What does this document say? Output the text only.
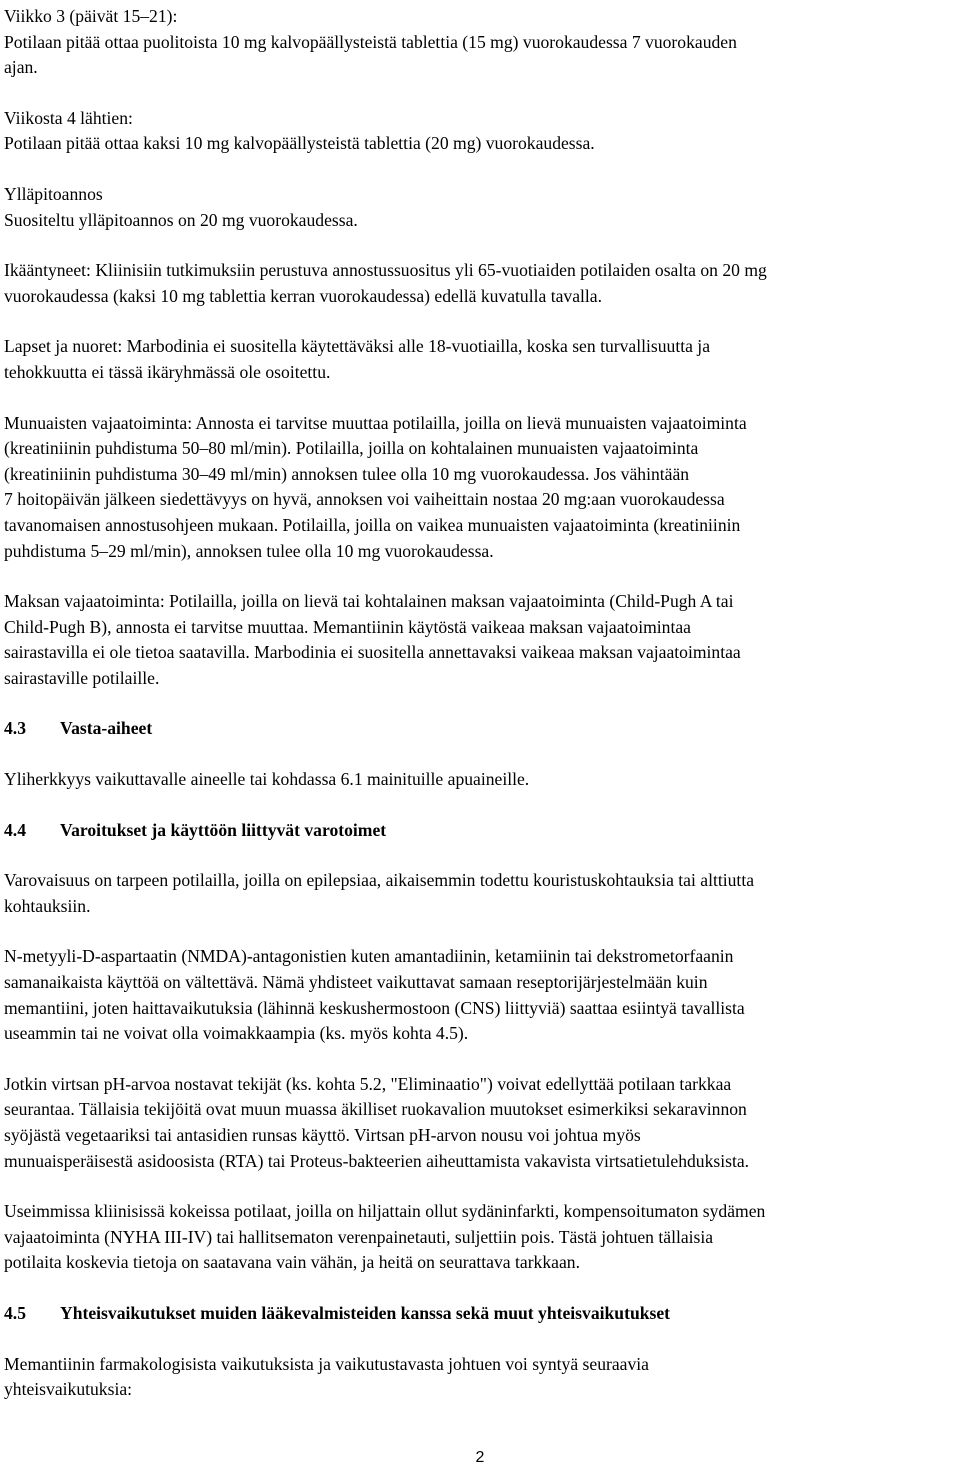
Viikko 3 (päivät 15–21):

Potilaan pitää ottaa puolitoista 10 mg kalvopäällysteistä tablettia (15 mg) vuorokaudessa 7 vuorokauden

ajan.

Viikosta 4 lähtien:

Potilaan pitää ottaa kaksi 10 mg kalvopäällysteistä tablettia (20 mg) vuorokaudessa.

Ylläpitoannos

Suositeltu ylläpitoannos on 20 mg vuorokaudessa.

Ikääntyneet: Kliinisiin tutkimuksiin perustuva annostussuositus yli 65-vuotiaiden potilaiden osalta on 20 mg

vuorokaudessa (kaksi 10 mg tablettia kerran vuorokaudessa) edellä kuvatulla tavalla.

Lapset ja nuoret: Marbodinia ei suositella käytettäväksi alle 18-vuotiailla, koska sen turvallisuutta ja

tehokkuutta ei tässä ikäryhmässä ole osoitettu.

Munuaisten vajaatoiminta: Annosta ei tarvitse muuttaa potilailla, joilla on lievä munuaisten vajaatoiminta

(kreatiniinin puhdistuma 50–80 ml/min). Potilailla, joilla on kohtalainen munuaisten vajaatoiminta

(kreatiniinin puhdistuma 30–49 ml/min) annoksen tulee olla 10 mg vuorokaudessa. Jos vähintään

7 hoitopäivän jälkeen siedettävyys on hyvä, annoksen voi vaiheittain nostaa 20 mg:aan vuorokaudessa

tavanomaisen annostusohjeen mukaan. Potilailla, joilla on vaikea munuaisten vajaatoiminta (kreatiniinin

puhdistuma 5–29 ml/min), annoksen tulee olla 10 mg vuorokaudessa.

Maksan vajaatoiminta: Potilailla, joilla on lievä tai kohtalainen maksan vajaatoiminta (Child-Pugh A tai

Child-Pugh B), annosta ei tarvitse muuttaa. Memantiinin käytöstä vaikeaa maksan vajaatoimintaa

sairastavilla ei ole tietoa saatavilla. Marbodinia ei suositella annettavaksi vaikeaa maksan vajaatoimintaa

sairastaville potilaille.

4.3	Vasta-aiheet

Yliherkkyys vaikuttavalle aineelle tai kohdassa 6.1 mainituille apuaineille.

4.4	Varoitukset ja käyttöön liittyvät varotoimet

Varovaisuus on tarpeen potilailla, joilla on epilepsiaa, aikaisemmin todettu kouristuskohtauksia tai alttiutta

kohtauksiin.

N-metyyli-D-aspartaatin (NMDA)-antagonistien kuten amantadiinin, ketamiinin tai dekstrometorfaanin

samanaikaista käyttöä on vältettävä. Nämä yhdisteet vaikuttavat samaan reseptorijärjestelmään kuin

memantiini, joten haittavaikutuksia (lähinnä keskushermostoon (CNS) liittyviä) saattaa esiintyä tavallista

useammin tai ne voivat olla voimakkaampia (ks. myös kohta 4.5).

Jotkin virtsan pH-arvoa nostavat tekijät (ks. kohta 5.2, "Eliminaatio") voivat edellyttää potilaan tarkkaa

seurantaa. Tällaisia tekijöitä ovat muun muassa äkilliset ruokavalion muutokset esimerkiksi sekaravinnon

syöjästä vegetaariksi tai antasidien runsas käyttö. Virtsan pH-arvon nousu voi johtua myös

munuaisperäisestä asidoosista (RTA) tai Proteus-bakteerien aiheuttamista vakavista virtsatietulehduksista.

Useimmissa kliinisissä kokeissa potilaat, joilla on hiljattain ollut sydäninfarkti, kompensoitumaton sydämen

vajaatoiminta (NYHA III-IV) tai hallitsematon verenpainetauti, suljettiin pois. Tästä johtuen tällaisia

potilaita koskevia tietoja on saatavana vain vähän, ja heitä on seurattava tarkkaan.

4.5	Yhteisvaikutukset muiden lääkevalmisteiden kanssa sekä muut yhteisvaikutukset

Memantiinin farmakologisista vaikutuksista ja vaikutustavasta johtuen voi syntyä seuraavia

yhteisvaikutuksia:

2
